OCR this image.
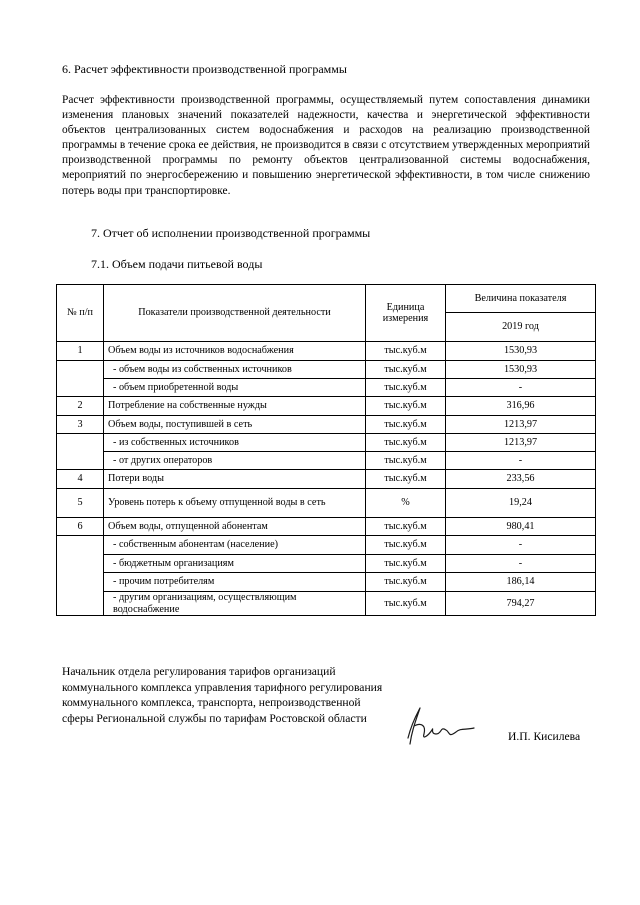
6. Расчет эффективности производственной программы
Расчет эффективности производственной программы, осуществляемый путем сопоставления динамики изменения плановых значений показателей надежности, качества и энергетической эффективности объектов централизованных систем водоснабжения и расходов на реализацию производственной программы в течение срока ее действия, не производится в связи с отсутствием утвержденных мероприятий производственной программы по ремонту объектов централизованной системы водоснабжения, мероприятий по энергосбережению и повышению энергетической эффективности, в том числе снижению потерь воды при транспортировке.
7. Отчет об исполнении производственной программы
7.1. Объем подачи питьевой воды
№ п/п	Показатели производственной деятельности	Единица измерения	Величина показателя
			2019 год
1	Объем воды из источников водоснабжения	тыс.куб.м	1530,93
	- объем воды из собственных источников	тыс.куб.м	1530,93
	- объем приобретенной воды	тыс.куб.м	-
2	Потребление на собственные нужды	тыс.куб.м	316,96
3	Объем воды, поступившей в сеть	тыс.куб.м	1213,97
	- из собственных источников	тыс.куб.м	1213,97
	- от других операторов	тыс.куб.м	-
4	Потери воды	тыс.куб.м	233,56
5	Уровень потерь к объему отпущенной воды в сеть	%	19,24
6	Объем воды, отпущенной абонентам	тыс.куб.м	980,41
	- собственным абонентам (население)	тыс.куб.м	-
	- бюджетным организациям	тыс.куб.м	-
	- прочим потребителям	тыс.куб.м	186,14
	- другим организациям, осуществляющим водоснабжение	тыс.куб.м	794,27
Начальник отдела регулирования тарифов организаций коммунального комплекса управления тарифного регулирования коммунального комплекса, транспорта, непроизводственной сферы Региональной службы по тарифам Ростовской области
И.П. Кисилева
